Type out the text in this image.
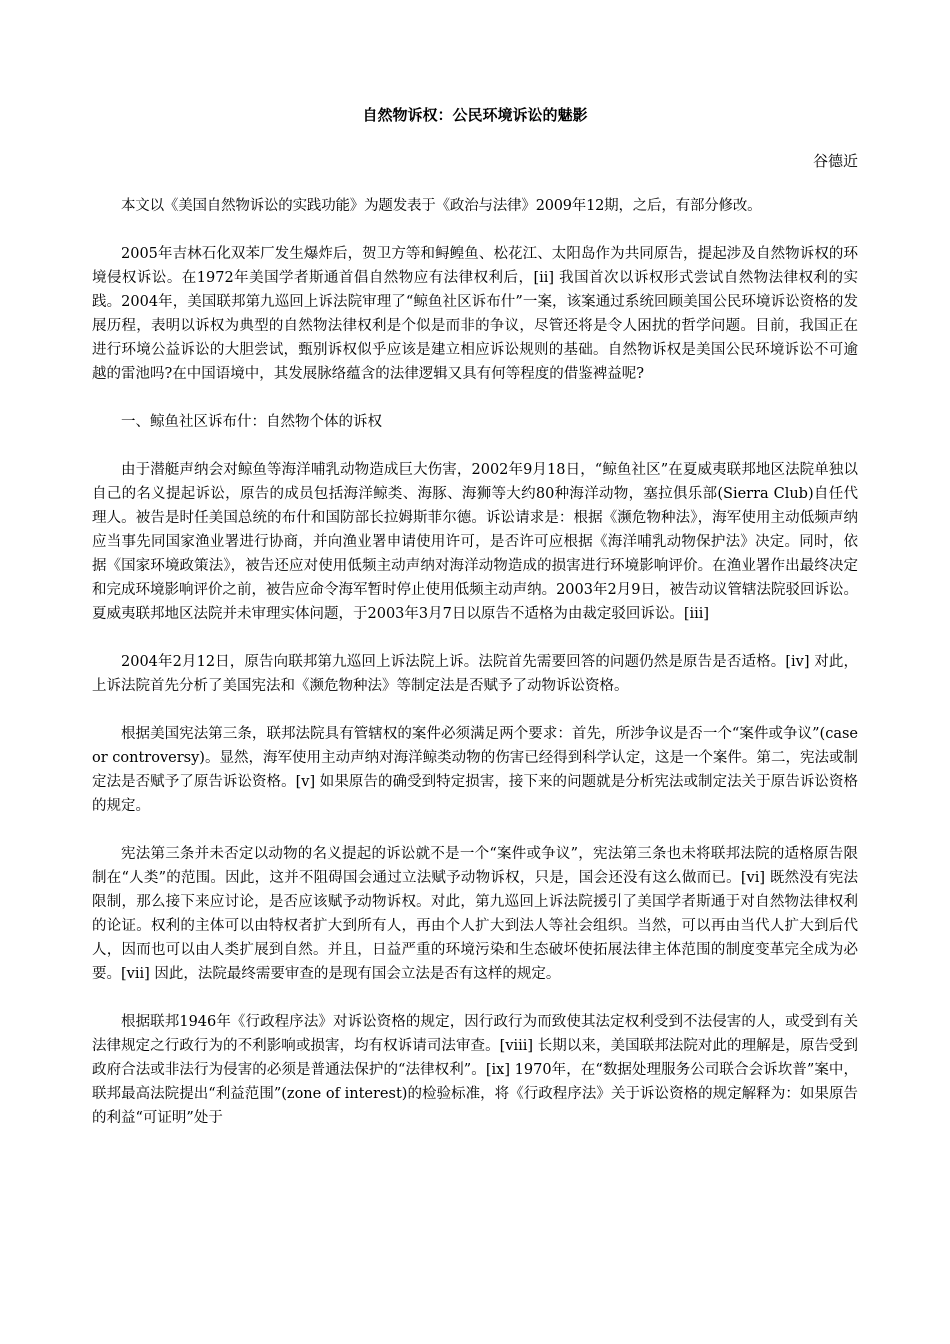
自然物诉权：公民环境诉讼的魅影
谷德近

本文以《美国自然物诉讼的实践功能》为题发表于《政治与法律》2009年12期，之后，有部分修改。

2005年吉林石化双苯厂发生爆炸后，贺卫方等和鲟鳇鱼、松花江、太阳岛作为共同原告，提起涉及自然物诉权的环境侵权诉讼。在1972年美国学者斯通首倡自然物应有法律权利后，[ii] 我国首次以诉权形式尝试自然物法律权利的实践。2004年，美国联邦第九巡回上诉法院审理了“鲸鱼社区诉布什”一案，该案通过系统回顾美国公民环境诉讼资格的发展历程，表明以诉权为典型的自然物法律权利是个似是而非的争议，尽管还将是令人困扰的哲学问题。目前，我国正在进行环境公益诉讼的大胆尝试，甄别诉权似乎应该是建立相应诉讼规则的基础。自然物诉权是美国公民环境诉讼不可逾越的雷池吗?在中国语境中，其发展脉络蕴含的法律逻辑又具有何等程度的借鉴裨益呢?

一、鲸鱼社区诉布什：自然物个体的诉权

由于潜艇声纳会对鲸鱼等海洋哺乳动物造成巨大伤害，2002年9月18日，“鲸鱼社区”在夏威夷联邦地区法院单独以自己的名义提起诉讼，原告的成员包括海洋鲸类、海豚、海狮等大约80种海洋动物，塞拉俱乐部(Sierra Club)自任代理人。被告是时任美国总统的布什和国防部长拉姆斯菲尔德。诉讼请求是：根据《濒危物种法》，海军使用主动低频声纳应当事先同国家渔业署进行协商，并向渔业署申请使用许可，是否许可应根据《海洋哺乳动物保护法》决定。同时，依据《国家环境政策法》，被告还应对使用低频主动声纳对海洋动物造成的损害进行环境影响评价。在渔业署作出最终决定和完成环境影响评价之前，被告应命令海军暂时停止使用低频主动声纳。2003年2月9日，被告动议管辖法院驳回诉讼。夏威夷联邦地区法院并未审理实体问题，于2003年3月7日以原告不适格为由裁定驳回诉讼。[iii]

2004年2月12日，原告向联邦第九巡回上诉法院上诉。法院首先需要回答的问题仍然是原告是否适格。[iv] 对此，上诉法院首先分析了美国宪法和《濒危物种法》等制定法是否赋予了动物诉讼资格。

根据美国宪法第三条，联邦法院具有管辖权的案件必须满足两个要求：首先，所涉争议是否一个“案件或争议”(case or controversy)。显然，海军使用主动声纳对海洋鲸类动物的伤害已经得到科学认定，这是一个案件。第二，宪法或制定法是否赋予了原告诉讼资格。[v] 如果原告的确受到特定损害，接下来的问题就是分析宪法或制定法关于原告诉讼资格的规定。

宪法第三条并未否定以动物的名义提起的诉讼就不是一个“案件或争议”，宪法第三条也未将联邦法院的适格原告限制在“人类”的范围。因此，这并不阻碍国会通过立法赋予动物诉权，只是，国会还没有这么做而已。[vi] 既然没有宪法限制，那么接下来应讨论，是否应该赋予动物诉权。对此，第九巡回上诉法院援引了美国学者斯通于对自然物法律权利的论证。权利的主体可以由特权者扩大到所有人，再由个人扩大到法人等社会组织。当然，可以再由当代人扩大到后代人，因而也可以由人类扩展到自然。并且，日益严重的环境污染和生态破坏使拓展法律主体范围的制度变革完全成为必要。[vii] 因此，法院最终需要审查的是现有国会立法是否有这样的规定。

根据联邦1946年《行政程序法》对诉讼资格的规定，因行政行为而致使其法定权利受到不法侵害的人，或受到有关法律规定之行政行为的不利影响或损害，均有权诉请司法审查。[viii] 长期以来，美国联邦法院对此的理解是，原告受到政府合法或非法行为侵害的必须是普通法保护的“法律权利”。[ix] 1970年，在“数据处理服务公司联合会诉坎普”案中，联邦最高法院提出“利益范围”(zone of interest)的检验标准，将《行政程序法》关于诉讼资格的规定解释为：如果原告的利益“可证明”处于
